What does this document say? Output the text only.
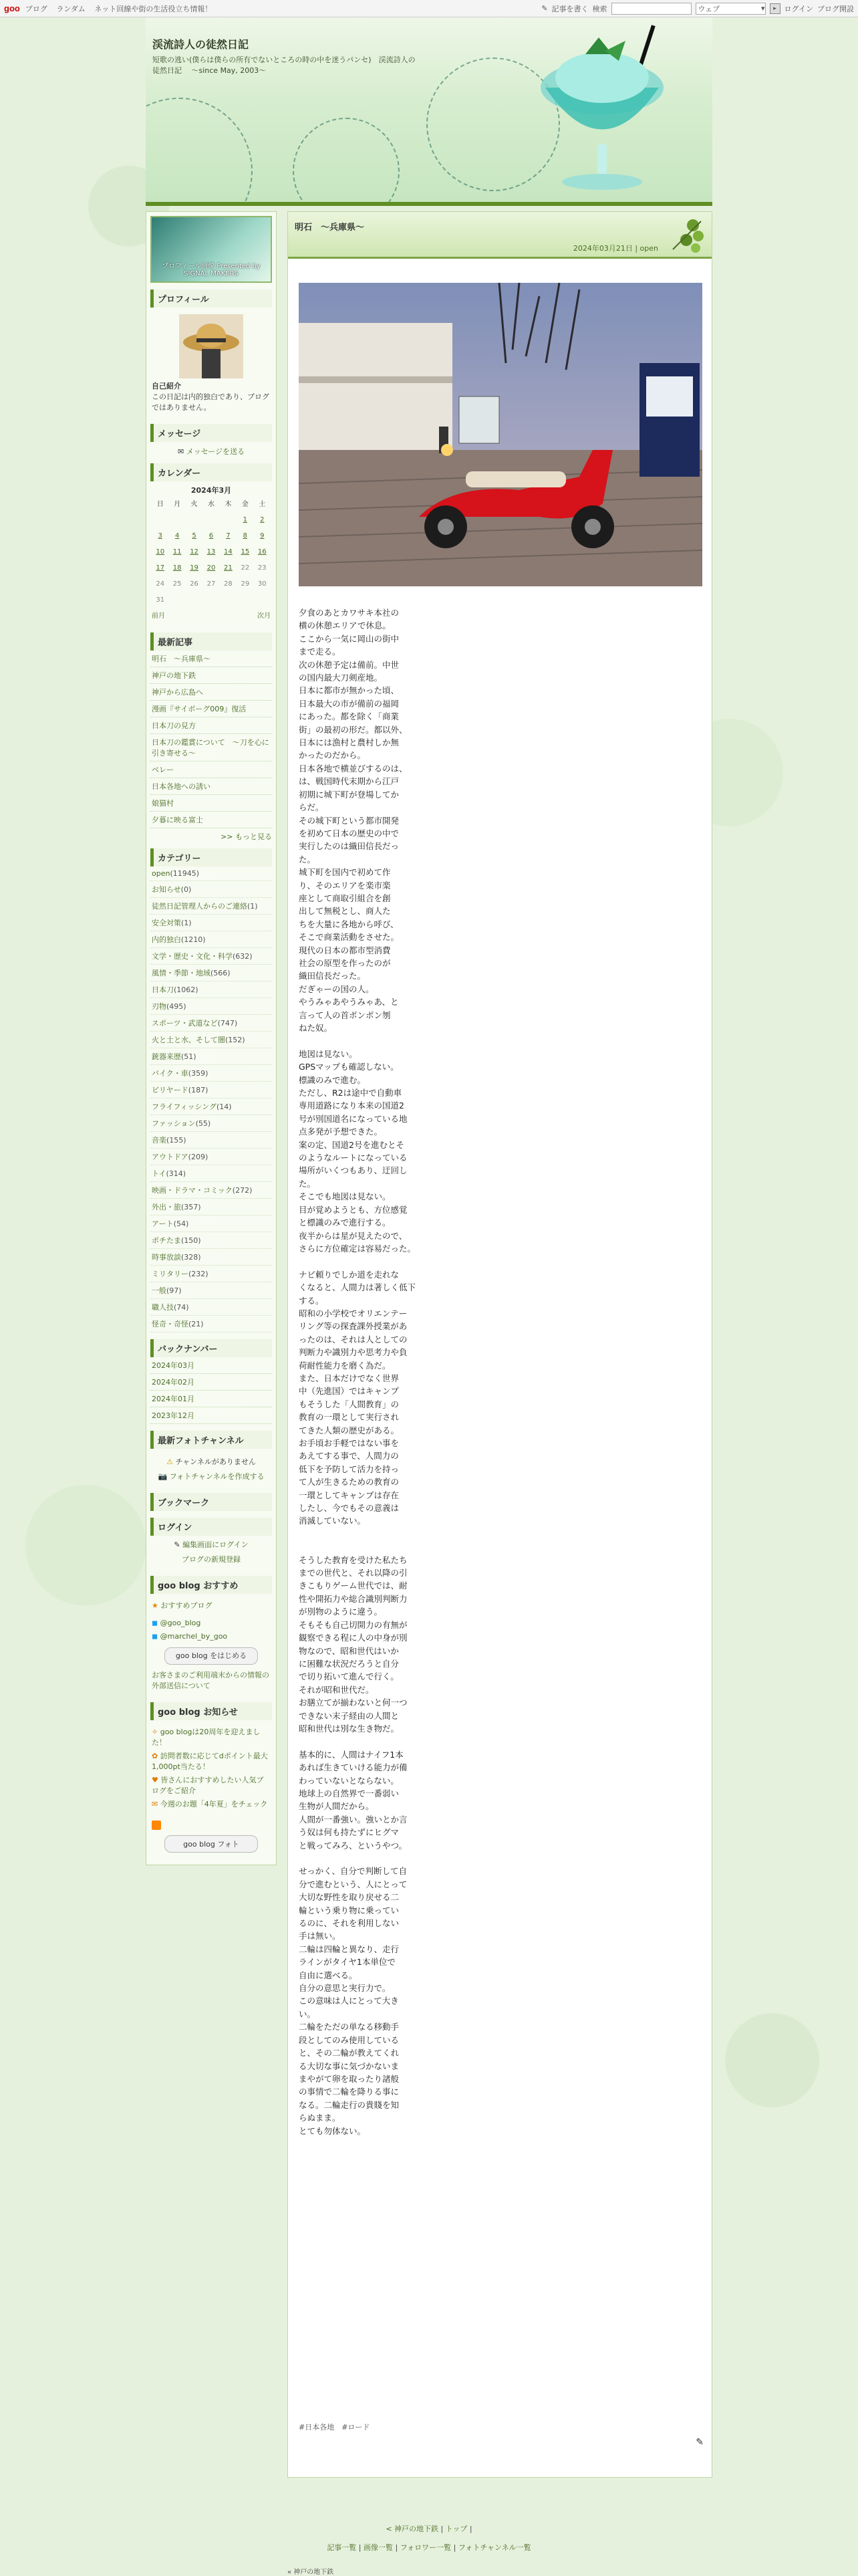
goo ブログ ランダム ネット回線や街の生活役立ち情報！	✎ 記事を書く 検索	ウェブ	▾	▸	ログイン ブログ開設
渓流詩人の徒然日記
短歌の逃い(僕らは僕らの所有でないところの時の中を迷うパンセ)　渓流詩人の徒然日記　 ～since May, 2003～
プロフィール画像 Presented by SIGNAL MAKERS
プロフィール
自己紹介
この日記は内的独白であり、ブログではありません。
メッセージ
✉ メッセージを送る
カレンダー
2024年3月
日	月	火	水	木	金	土
					1	2
3	4	5	6	7	8	9
10	11	12	13	14	15	16
17	18	19	20	21	22	23
24	25	26	27	28	29	30
31						
前月	次月
最新記事
明石　～兵庫県～
神戸の地下鉄
神戸から広島へ
漫画『サイボーグ009』復活
日本刀の見方
日本刀の鑑賞について　～刀を心に引き寄せる～
ベレー
日本各地への誘い
娘猫村
夕暮に映る富士
>> もっと見る
カテゴリー
open(11945)
お知らせ(0)
徒然日記管理人からのご連絡(1)
安全対策(1)
内的独白(1210)
文学・歴史・文化・科学(632)
風情・季節・地域(566)
日本刀(1062)
刃物(495)
スポーツ・武道など(747)
火と土と水、そして闇(152)
銃器来歴(51)
バイク・車(359)
ビリヤード(187)
フライフィッシング(14)
ファッション(55)
音楽(155)
アウトドア(209)
トイ(314)
映画・ドラマ・コミック(272)
外出・旅(357)
アート(54)
ポチたま(150)
時事放談(328)
ミリタリー(232)
一般(97)
職人技(74)
怪奇・奇怪(21)
バックナンバー
2024年03月
2024年02月
2024年01月
2023年12月
最新フォトチャンネル
⚠ チャンネルがありません
📷 フォトチャンネルを作成する
ブックマーク
ログイン
✎ 編集画面にログイン
ブログの新規登録
goo blog おすすめ
★ おすすめブログ
◼ @goo_blog
◼ @marchel_by_goo
goo blog をはじめる
お客さまのご利用端末からの情報の外部送信について
goo blog お知らせ
✧ goo blogは20周年を迎えました！
✿ 訪問者数に応じてdポイント最大1,000pt当たる！
♥ 皆さんにおすすめしたい人気ブログをご紹介
✉ 今週のお題「4年夏」をチェック
goo blog フォト
明石　～兵庫県～
2024年03月21日 | open
夕食のあとカワサキ本社の
横の休憩エリアで休息。
ここから一気に岡山の街中
まで走る。
次の休憩予定は備前。中世
の国内最大刀剣産地。
日本に都市が無かった頃、
日本最大の市が備前の福岡
にあった。都を除く「商業
街」の最初の形だ。都以外、
日本には漁村と農村しか無
かったのだから。
日本各地で横並びするのは、
は、戦国時代末期から江戸
初期に城下町が登場してか
らだ。
その城下町という都市開発
を初めて日本の歴史の中で
実行したのは織田信長だっ
た。
城下町を国内で初めて作
り、そのエリアを楽市楽
座として商取引組合を創
出して無税とし、商人た
ちを大量に各地から呼び、
そこで商業活動をさせた。
現代の日本の都市型消費
社会の原型を作ったのが
織田信長だった。
だぎゃーの国の人。
やうみゃあやうみゃあ、と
言って人の首ポンポン刎
ねた奴。

地図は見ない。
GPSマップも確認しない。
標識のみで進む。
ただし、R2は途中で自動車
専用道路になり本来の国道2
号が別国道名になっている地
点多発が予想できた。
案の定、国道2号を進むとそ
のようなルートになっている
場所がいくつもあり、迂回し
た。
そこでも地図は見ない。
目が覚めようとも、方位感覚
と標識のみで進行する。
夜半からは星が見えたので、
さらに方位確定は容易だった。

ナビ頼りでしか道を走れな
くなると、人間力は著しく低下
する。
昭和の小学校でオリエンテー
リング等の探査課外授業があ
ったのは、それは人としての
判断力や識別力や思考力や負
荷耐性能力を磨く為だ。
また、日本だけでなく世界
中（先進国）ではキャンプ
もそうした「人間教育」の
教育の一環として実行され
てきた人類の歴史がある。
お手頃お手軽ではない事を
あえてする事で、人間力の
低下を予防して活力を持っ
て人が生きるための教育の
一環としてキャンプは存在
したし、今でもその意義は
消滅していない。

そうした教育を受けた私たち
までの世代と、それ以降の引
きこもりゲーム世代では、耐
性や開拓力や総合識別判断力
が別物のように違う。
そもそも自己切開力の有無が
観察できる程に人の中身が別
物なので、昭和世代はいか
に困難な状況だろうと自分
で切り拓いて進んで行く。
それが昭和世代だ。
お膳立てが揃わないと何一つ
できない末子経由の人間と
昭和世代は別な生き物だ。

基本的に、人間はナイフ1本
あれば生きていける能力が備
わっていないとならない。
地球上の自然界で一番弱い
生物が人間だから。
人間が一番強い。強いとか言
う奴は何も持たずにヒグマ
と戦ってみろ、というやつ。

せっかく、自分で判断して自
分で進むという、人にとって
大切な野性を取り戻せる二
輪という乗り物に乗ってい
るのに、それを利用しない
手は無い。
二輪は四輪と異なり、走行
ラインがタイヤ1本単位で
自由に選べる。
自分の意思と実行力で。
この意味は人にとって大き
い。
二輪をただの単なる移動手
段としてのみ使用している
と、その二輪が教えてくれ
る大切な事に気づかないま
まやがて卵を取ったり諸般
の事情で二輪を降りる事に
なる。二輪走行の貴賤を知
らぬまま。
とても勿体ない。
#日本各地　#ロード
✎
< 神戸の地下鉄 | トップ |
記事一覧 | 画像一覧 | フォロワー一覧 | フォトチャンネル一覧
« 神戸の地下鉄
